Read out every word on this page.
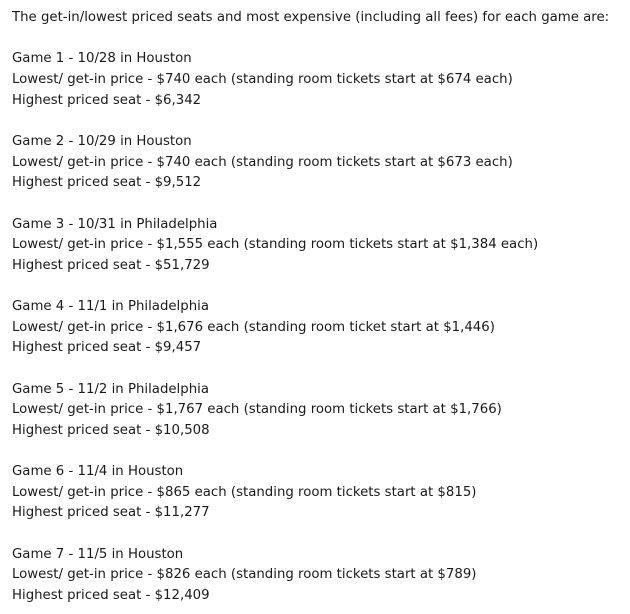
The get-in/lowest priced seats and most expensive (including all fees) for each game are:
Game 1 - 10/28 in Houston
Lowest/ get-in price - $740 each (standing room tickets start at $674 each)
Highest priced seat - $6,342
Game 2 - 10/29 in Houston
Lowest/ get-in price - $740 each (standing room tickets start at $673 each)
Highest priced seat - $9,512
Game 3 - 10/31 in Philadelphia
Lowest/ get-in price - $1,555 each (standing room tickets start at $1,384 each)
Highest priced seat - $51,729
Game 4 - 11/1 in Philadelphia
Lowest/ get-in price - $1,676 each (standing room ticket start at $1,446)
Highest priced seat - $9,457
Game 5 - 11/2 in Philadelphia
Lowest/ get-in price - $1,767 each (standing room tickets start at $1,766)
Highest priced seat - $10,508
Game 6 - 11/4 in Houston
Lowest/ get-in price - $865 each (standing room tickets start at $815)
Highest priced seat - $11,277
Game 7 - 11/5 in Houston
Lowest/ get-in price - $826 each (standing room tickets start at $789)
Highest priced seat - $12,409
